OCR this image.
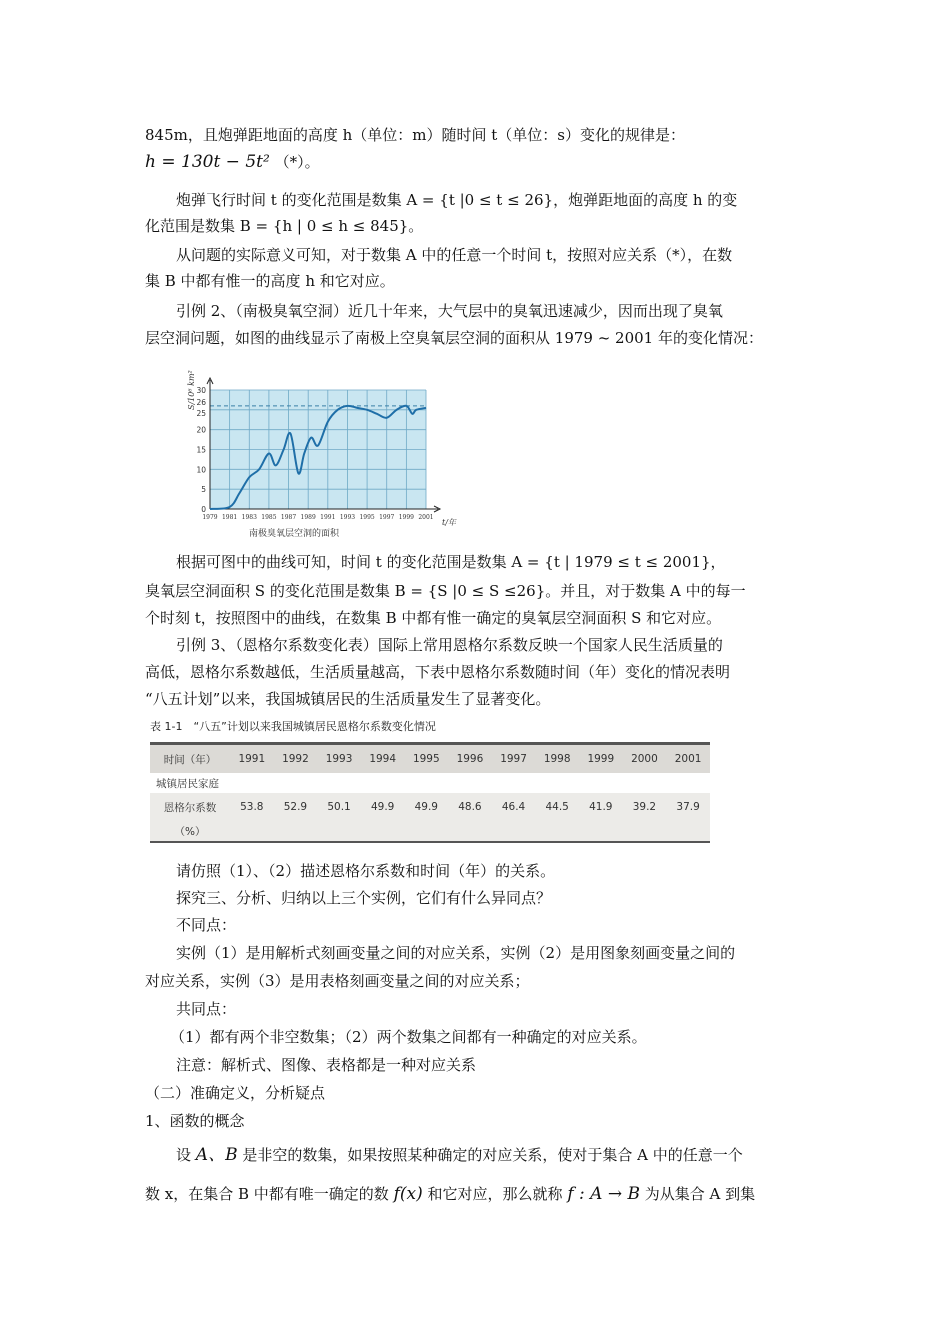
845m，且炮弹距地面的高度 h（单位：m）随时间 t（单位：s）变化的规律是：
h = 130t − 5t² （*）。
炮弹飞行时间 t 的变化范围是数集 A = {t |0 ≤ t ≤ 26}，炮弹距地面的高度 h 的变
化范围是数集 B = {h | 0 ≤ h ≤ 845}。
从问题的实际意义可知，对于数集 A 中的任意一个时间 t，按照对应关系（*），在数
集 B 中都有惟一的高度 h 和它对应。
引例 2、（南极臭氧空洞）近几十年来，大气层中的臭氧迅速减少，因而出现了臭氧
层空洞问题，如图的曲线显示了南极上空臭氧层空洞的面积从 1979 ~ 2001 年的变化情况：
30
26
25
20
15
10
5
0
1979 1981 1983 1985 1987 1989 1991 1993 1995 1997 1999 2001
S/10⁶ km²
t/年
南极臭氧层空洞的面积
根据可图中的曲线可知，时间 t 的变化范围是数集 A = {t | 1979 ≤ t ≤ 2001}，
臭氧层空洞面积 S 的变化范围是数集 B = {S |0 ≤ S ≤26}。并且，对于数集 A 中的每一
个时刻 t，按照图中的曲线，在数集 B 中都有惟一确定的臭氧层空洞面积 S 和它对应。
引例 3、（恩格尔系数变化表）国际上常用恩格尔系数反映一个国家人民生活质量的
高低，恩格尔系数越低，生活质量越高，下表中恩格尔系数随时间（年）变化的情况表明
“八五计划”以来，我国城镇居民的生活质量发生了显著变化。
表 1-1　“八五”计划以来我国城镇居民恩格尔系数变化情况
时间（年）	1991	1992	1993	1994	1995	1996	1997	1998	1999	2000	2001
城镇居民家庭											
恩格尔系数	53.8	52.9	50.1	49.9	49.9	48.6	46.4	44.5	41.9	39.2	37.9
（%）											
请仿照（1）、（2）描述恩格尔系数和时间（年）的关系。
探究三、分析、归纳以上三个实例，它们有什么异同点？
不同点：
实例（1）是用解析式刻画变量之间的对应关系，实例（2）是用图象刻画变量之间的
对应关系，实例（3）是用表格刻画变量之间的对应关系；
共同点：
（1）都有两个非空数集；（2）两个数集之间都有一种确定的对应关系。
注意：解析式、图像、表格都是一种对应关系
（二）准确定义，分析疑点
1、函数的概念
设 A、B 是非空的数集，如果按照某种确定的对应关系，使对于集合 A 中的任意一个
数 x，在集合 B 中都有唯一确定的数 f(x) 和它对应，那么就称 f : A → B 为从集合 A 到集
